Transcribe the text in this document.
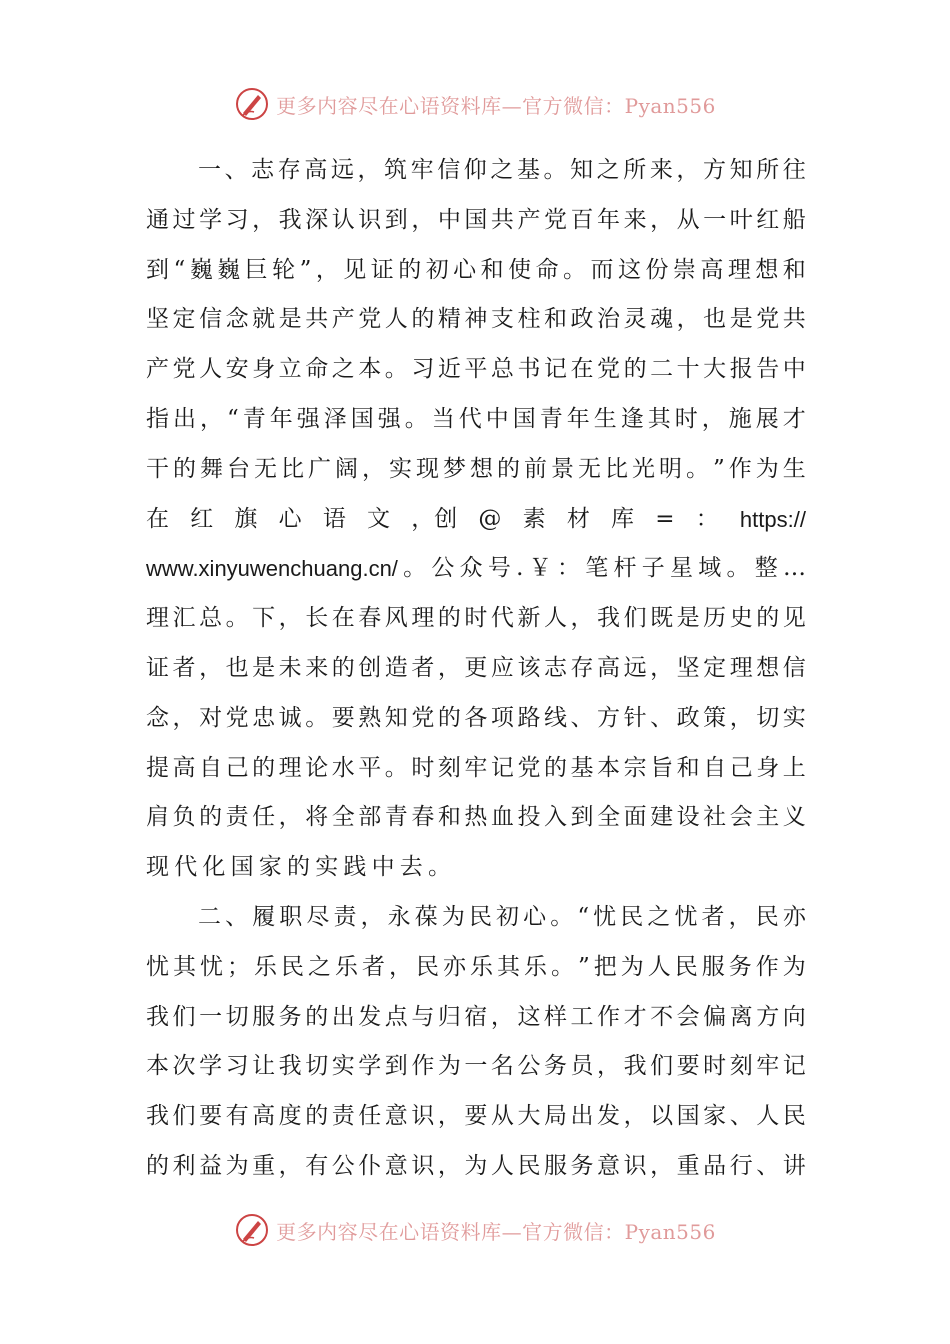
更多内容尽在心语资料库—官方微信：Pyan556
一 、 志 存 高 远 ， 筑 牢 信 仰 之 基 。 知 之 所 来 ， 方 知 所 往
通 过 学 习 ， 我 深 认 识 到 ， 中 国 共 产 党 百 年 来 ， 从 一 叶 红 船
到 “ 巍 巍 巨 轮 ” ， 见 证 的 初 心 和 使 命 。 而 这 份 崇 高 理 想 和
坚 定 信 念 就 是 共 产 党 人 的 精 神 支 柱 和 政 治 灵 魂 ， 也 是 党 共
产 党 人 安 身 立 命 之 本 。 习 近 平 总 书 记 在 党 的 二 十 大 报 告 中
指 出 ， “ 青 年 强 泽 国 强 。 当 代 中 国 青 年 生 逢 其 时 ， 施 展 才
干 的 舞 台 无 比 广 阔 ， 实 现 梦 想 的 前 景 无 比 光 明 。 ” 作 为 生
在 红 旗 心 语 文 ，创 @ 素 材 库 = ： https://
www.xinyuwenchuang.cn/ 。 公 众 号 . ￥ ： 笔 杆 子 星 域 。 整 …
理 汇 总 。 下 ， 长 在 春 风 理 的 时 代 新 人 ， 我 们 既 是 历 史 的 见
证 者 ， 也 是 未 来 的 创 造 者 ， 更 应 该 志 存 高 远 ， 坚 定 理 想 信
念 ， 对 党 忠 诚 。 要 熟 知 党 的 各 项 路 线 、 方 针 、 政 策 ， 切 实
提 高 自 己 的 理 论 水 平 。 时 刻 牢 记 党 的 基 本 宗 旨 和 自 己 身 上
肩 负 的 责 任 ， 将 全 部 青 春 和 热 血 投 入 到 全 面 建 设 社 会 主 义
现代化国家的实践中去。
二 、 履 职 尽 责 ， 永 葆 为 民 初 心 。 “ 忧 民 之 忧 者 ， 民 亦
忧 其 忧 ； 乐 民 之 乐 者 ， 民 亦 乐 其 乐 。 ” 把 为 人 民 服 务 作 为
我 们 一 切 服 务 的 出 发 点 与 归 宿 ， 这 样 工 作 才 不 会 偏 离 方 向
本 次 学 习 让 我 切 实 学 到 作 为 一 名 公 务 员 ， 我 们 要 时 刻 牢 记
我 们 要 有 高 度 的 责 任 意 识 ， 要 从 大 局 出 发 ， 以 国 家 、 人 民
的 利 益 为 重 ， 有 公 仆 意 识 ， 为 人 民 服 务 意 识 ， 重 品 行 、 讲
更多内容尽在心语资料库—官方微信：Pyan556
